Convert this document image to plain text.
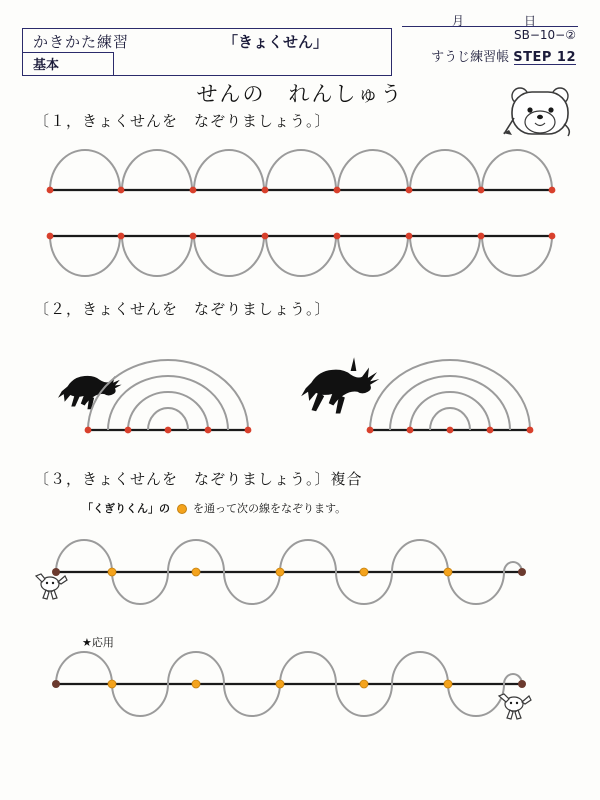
かきかた練習
基本
「きょくせん」
月　日
SB−10−②
すうじ練習帳 STEP 12
せんの　れんしゅう
〔１，きょくせんを　なぞりましょう。〕
〔２，きょくせんを　なぞりましょう。〕
〔３，きょくせんを　なぞりましょう。〕複合
「くぎりくん」の を通って次の線をなぞります。
★応用
